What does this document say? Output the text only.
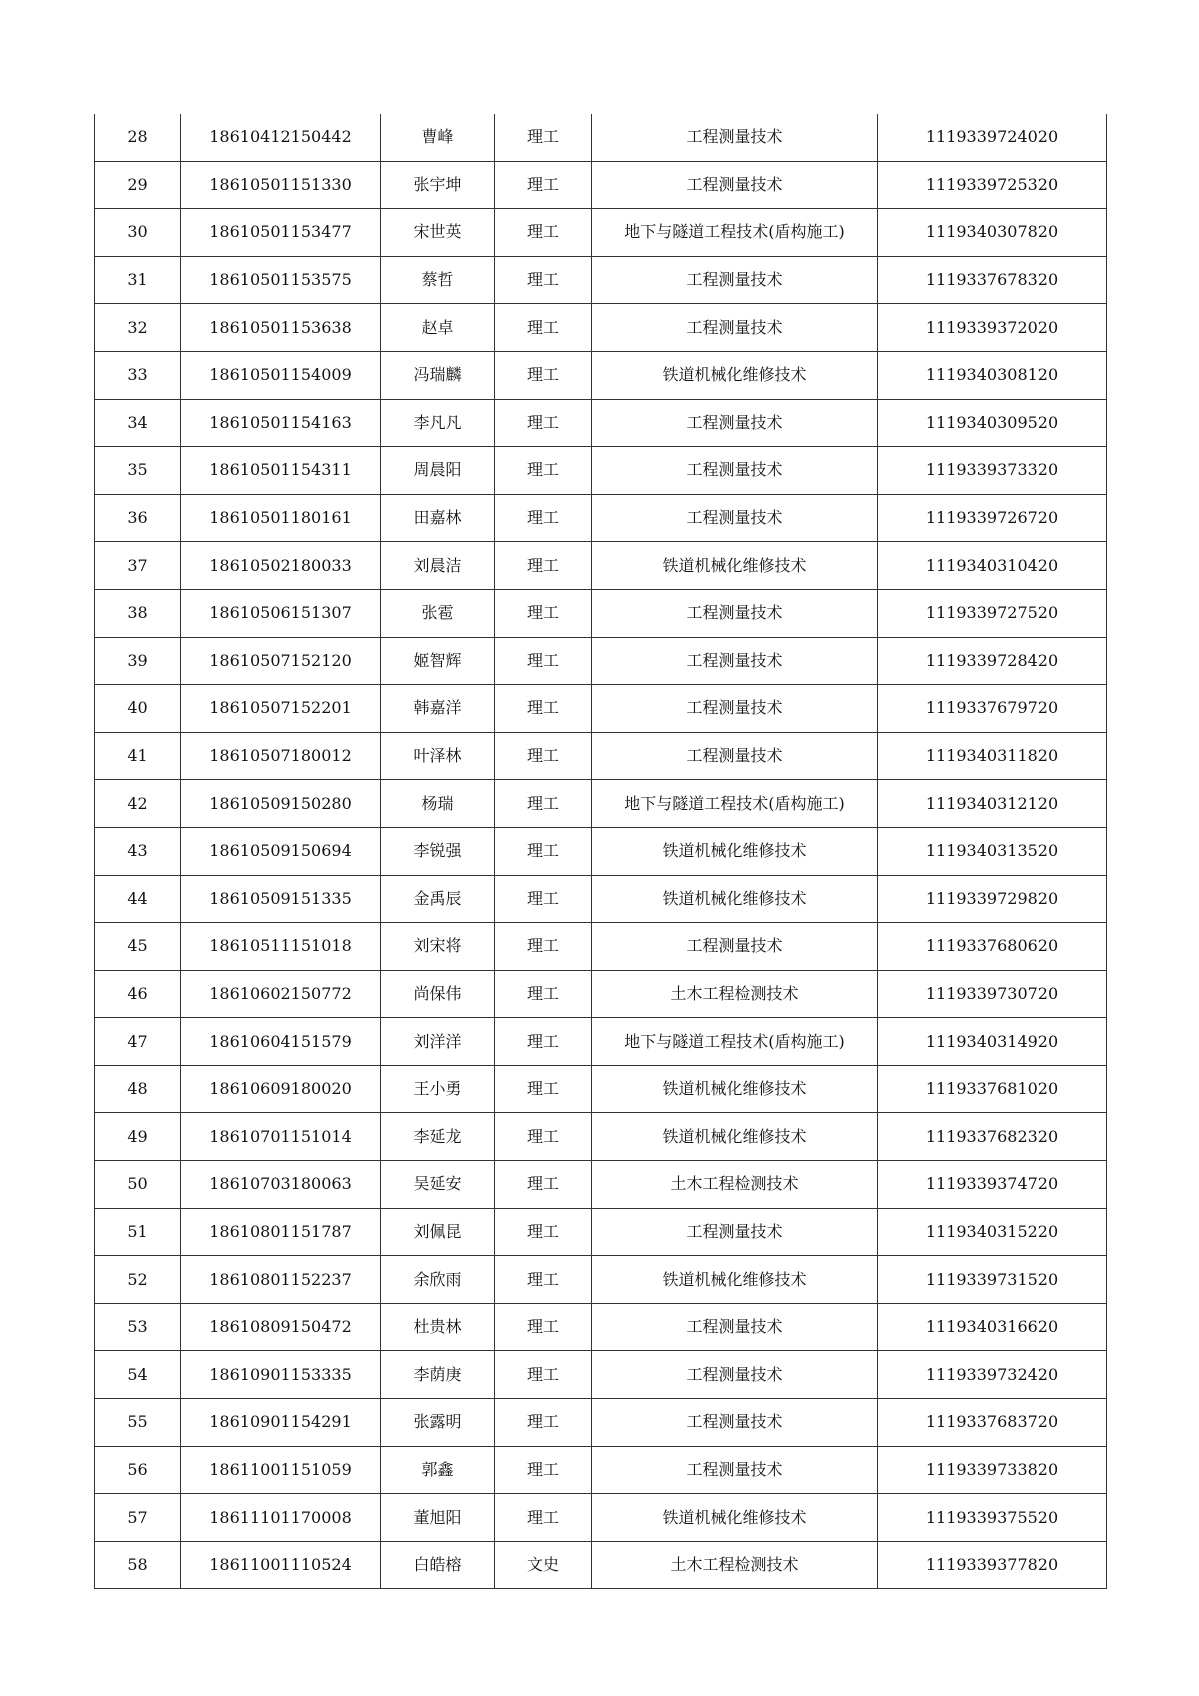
28	18610412150442	曹峰	理工	工程测量技术	1119339724020
29	18610501151330	张宇坤	理工	工程测量技术	1119339725320
30	18610501153477	宋世英	理工	地下与隧道工程技术(盾构施工)	1119340307820
31	18610501153575	蔡哲	理工	工程测量技术	1119337678320
32	18610501153638	赵卓	理工	工程测量技术	1119339372020
33	18610501154009	冯瑞麟	理工	铁道机械化维修技术	1119340308120
34	18610501154163	李凡凡	理工	工程测量技术	1119340309520
35	18610501154311	周晨阳	理工	工程测量技术	1119339373320
36	18610501180161	田嘉林	理工	工程测量技术	1119339726720
37	18610502180033	刘晨洁	理工	铁道机械化维修技术	1119340310420
38	18610506151307	张雹	理工	工程测量技术	1119339727520
39	18610507152120	姬智辉	理工	工程测量技术	1119339728420
40	18610507152201	韩嘉洋	理工	工程测量技术	1119337679720
41	18610507180012	叶泽林	理工	工程测量技术	1119340311820
42	18610509150280	杨瑞	理工	地下与隧道工程技术(盾构施工)	1119340312120
43	18610509150694	李锐强	理工	铁道机械化维修技术	1119340313520
44	18610509151335	金禹辰	理工	铁道机械化维修技术	1119339729820
45	18610511151018	刘宋将	理工	工程测量技术	1119337680620
46	18610602150772	尚保伟	理工	土木工程检测技术	1119339730720
47	18610604151579	刘洋洋	理工	地下与隧道工程技术(盾构施工)	1119340314920
48	18610609180020	王小勇	理工	铁道机械化维修技术	1119337681020
49	18610701151014	李延龙	理工	铁道机械化维修技术	1119337682320
50	18610703180063	吴延安	理工	土木工程检测技术	1119339374720
51	18610801151787	刘佩昆	理工	工程测量技术	1119340315220
52	18610801152237	余欣雨	理工	铁道机械化维修技术	1119339731520
53	18610809150472	杜贵林	理工	工程测量技术	1119340316620
54	18610901153335	李荫庚	理工	工程测量技术	1119339732420
55	18610901154291	张露明	理工	工程测量技术	1119337683720
56	18611001151059	郭鑫	理工	工程测量技术	1119339733820
57	18611101170008	董旭阳	理工	铁道机械化维修技术	1119339375520
58	18611001110524	白皓榕	文史	土木工程检测技术	1119339377820
